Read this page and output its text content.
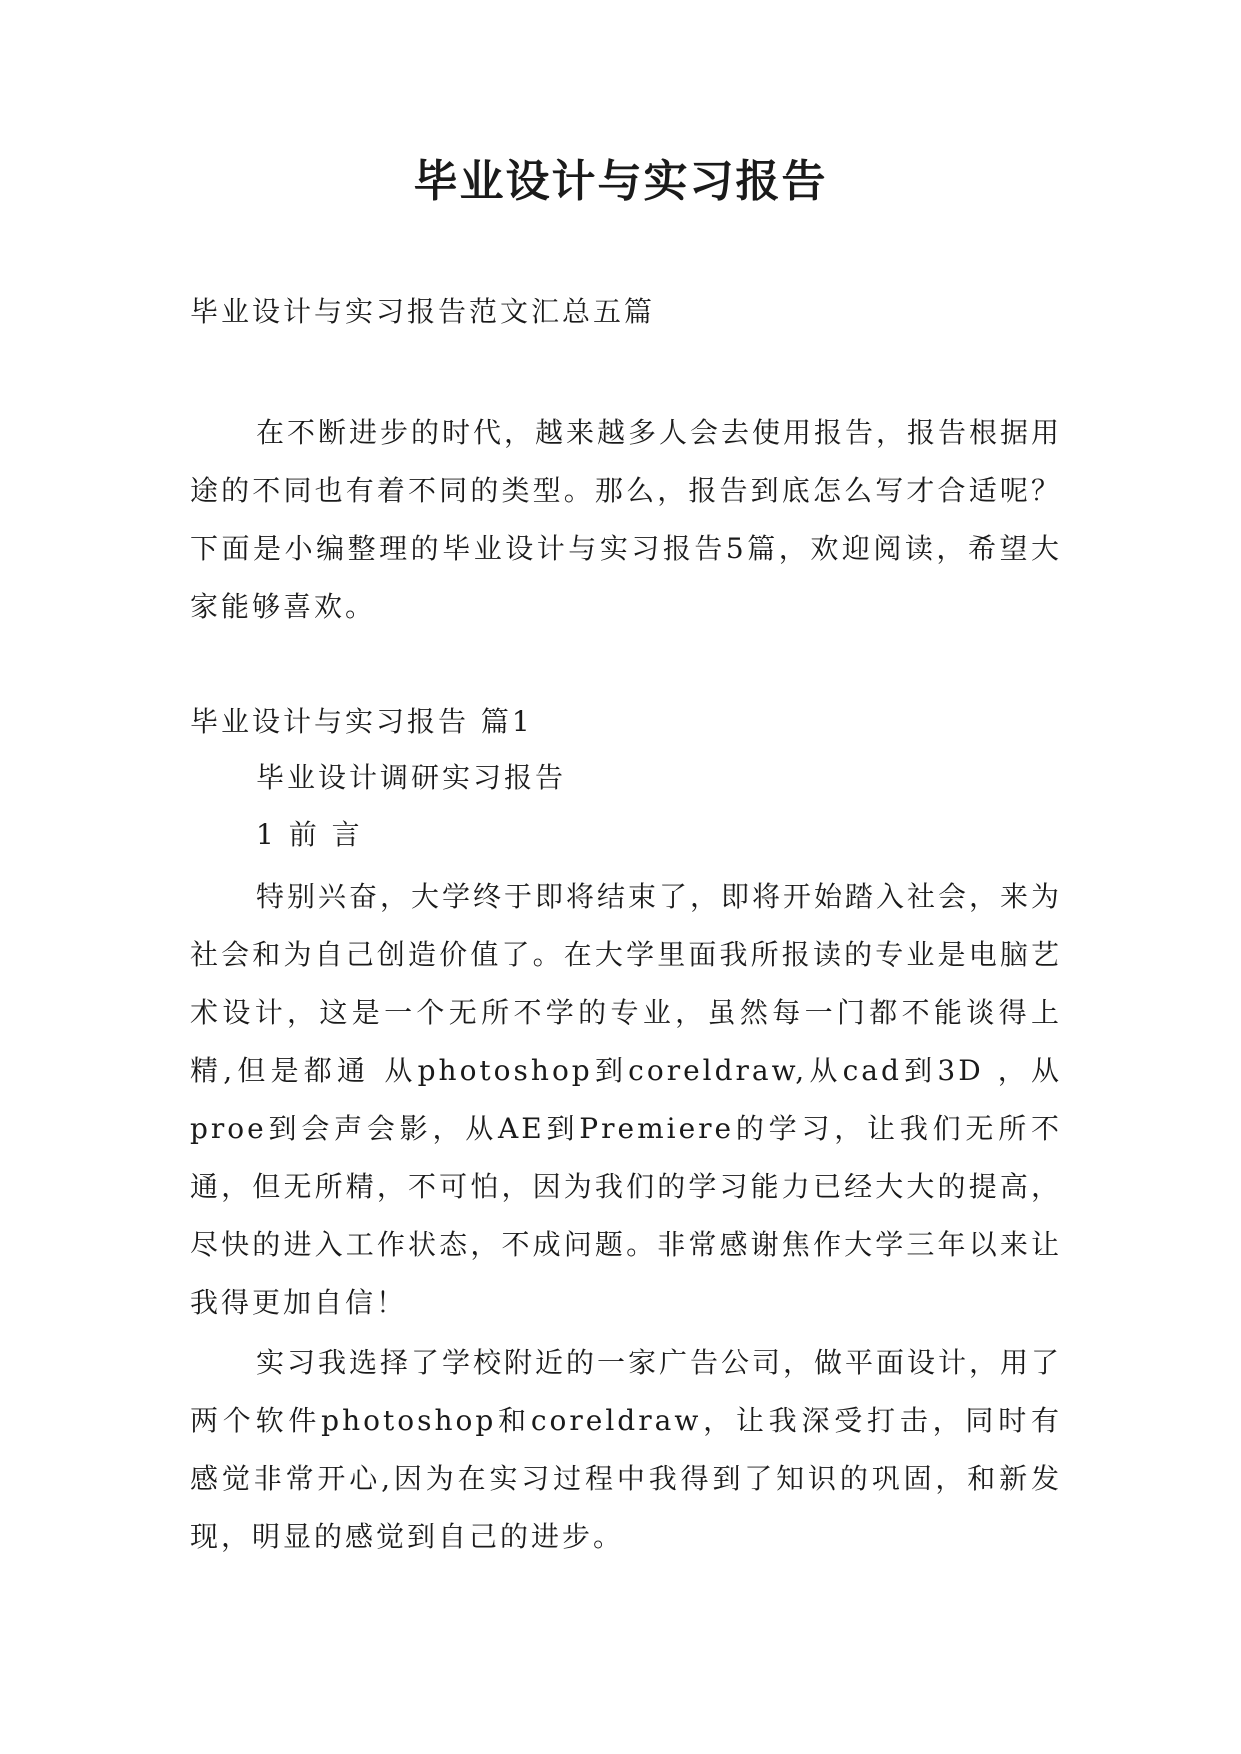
毕业设计与实习报告
毕业设计与实习报告范文汇总五篇

在不断进步的时代，越来越多人会去使用报告，报告根据用途的不同也有着不同的类型。那么，报告到底怎么写才合适呢？下面是小编整理的毕业设计与实习报告5篇，欢迎阅读，希望大家能够喜欢。

毕业设计与实习报告 篇1
毕业设计调研实习报告
1 前 言

特别兴奋，大学终于即将结束了，即将开始踏入社会，来为社会和为自己创造价值了。在大学里面我所报读的专业是电脑艺术设计，这是一个无所不学的专业，虽然每一门都不能谈得上精,但是都通 从photoshop到coreldraw,从cad到3D ，从proe到会声会影，从AE到Premiere的学习，让我们无所不通，但无所精，不可怕，因为我们的学习能力已经大大的提高，尽快的进入工作状态，不成问题。非常感谢焦作大学三年以来让我得更加自信！

实习我选择了学校附近的一家广告公司，做平面设计，用了两个软件photoshop和coreldraw，让我深受打击，同时有感觉非常开心,因为在实习过程中我得到了知识的巩固，和新发现，明显的感觉到自己的进步。
